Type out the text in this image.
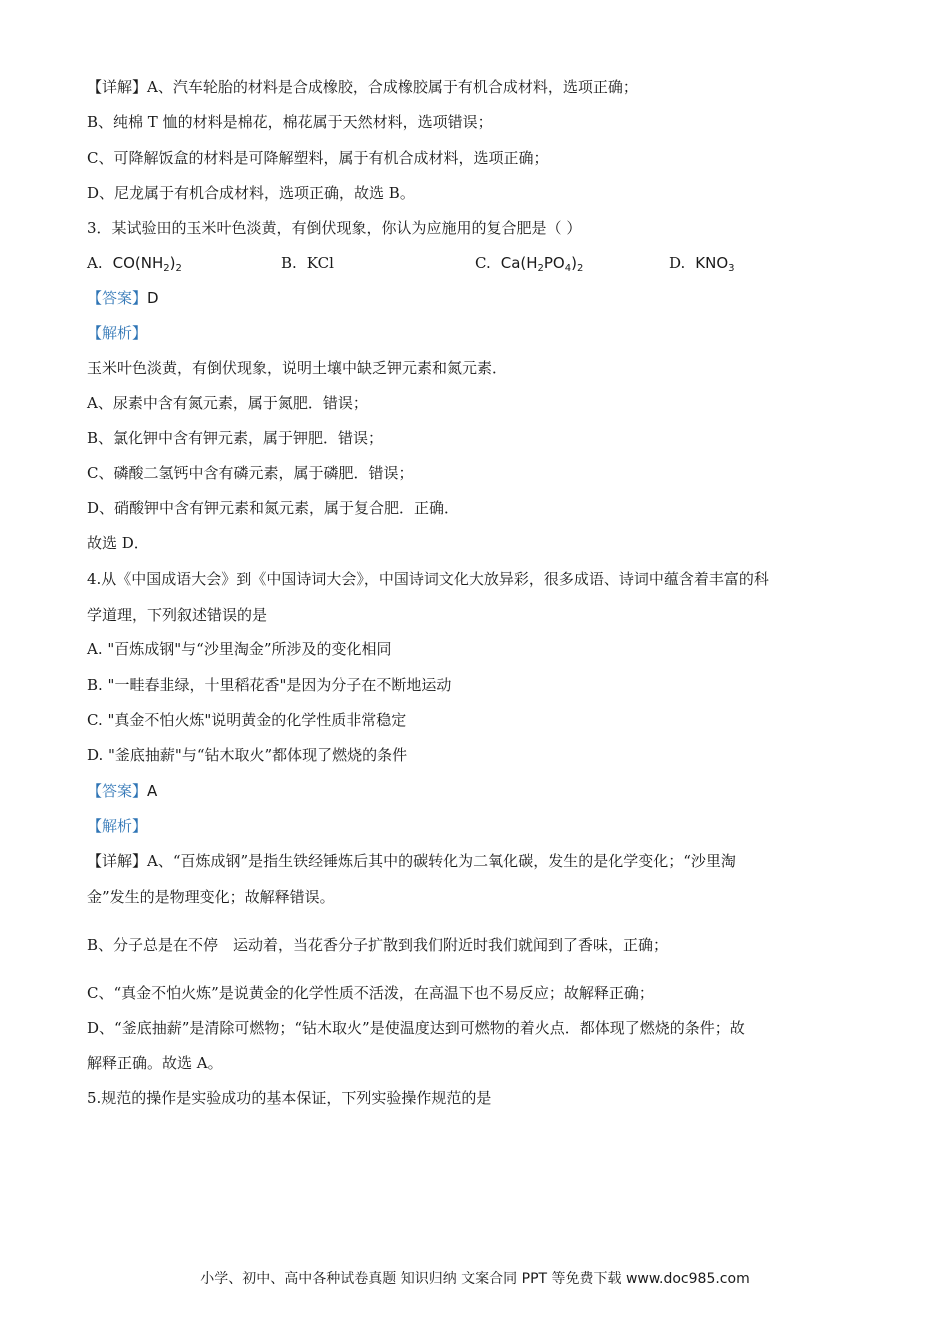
【详解】A、汽车轮胎的材料是合成橡胶，合成橡胶属于有机合成材料，选项正确；
B、纯棉 T 恤的材料是棉花，棉花属于天然材料，选项错误；
C、可降解饭盒的材料是可降解塑料，属于有机合成材料，选项正确；
D、尼龙属于有机合成材料，选项正确，故选 B。
3．某试验田的玉米叶色淡黄，有倒伏现象，你认为应施用的复合肥是（ ）
A. $CO(NH_2)_2$	B. KCl	C. $Ca(H_2PO_4)_2$	D. $KNO_3$
【答案】D
【解析】
玉米叶色淡黄，有倒伏现象，说明土壤中缺乏钾元素和氮元素．
A、尿素中含有氮元素，属于氮肥．错误；
B、氯化钾中含有钾元素，属于钾肥．错误；
C、磷酸二氢钙中含有磷元素，属于磷肥．错误；
D、硝酸钾中含有钾元素和氮元素，属于复合肥．正确．
故选 D．
4.从《中国成语大会》到《中国诗词大会》，中国诗词文化大放异彩，很多成语、诗词中蕴含着丰富的科
学道理，下列叙述错误的是
A. "百炼成钢"与“沙里淘金”所涉及的变化相同
B. "一畦春韭绿，十里稻花香"是因为分子在不断地运动
C. "真金不怕火炼"说明黄金的化学性质非常稳定
D. "釜底抽薪"与“钻木取火”都体现了燃烧的条件
【答案】A
【解析】
【详解】A、“百炼成钢”是指生铁经锤炼后其中的碳转化为二氧化碳，发生的是化学变化；“沙里淘
金”发生的是物理变化；故解释错误。
B、分子总是在不停　运动着，当花香分子扩散到我们附近时我们就闻到了香味，正确；
C、“真金不怕火炼”是说黄金的化学性质不活泼，在高温下也不易反应；故解释正确；
D、“釜底抽薪”是清除可燃物；“钻木取火”是使温度达到可燃物的着火点．都体现了燃烧的条件；故
解释正确。故选 A。
5.规范的操作是实验成功的基本保证，下列实验操作规范的是
小学、初中、高中各种试卷真题 知识归纳 文案合同 PPT 等免费下载 www.doc985.com
